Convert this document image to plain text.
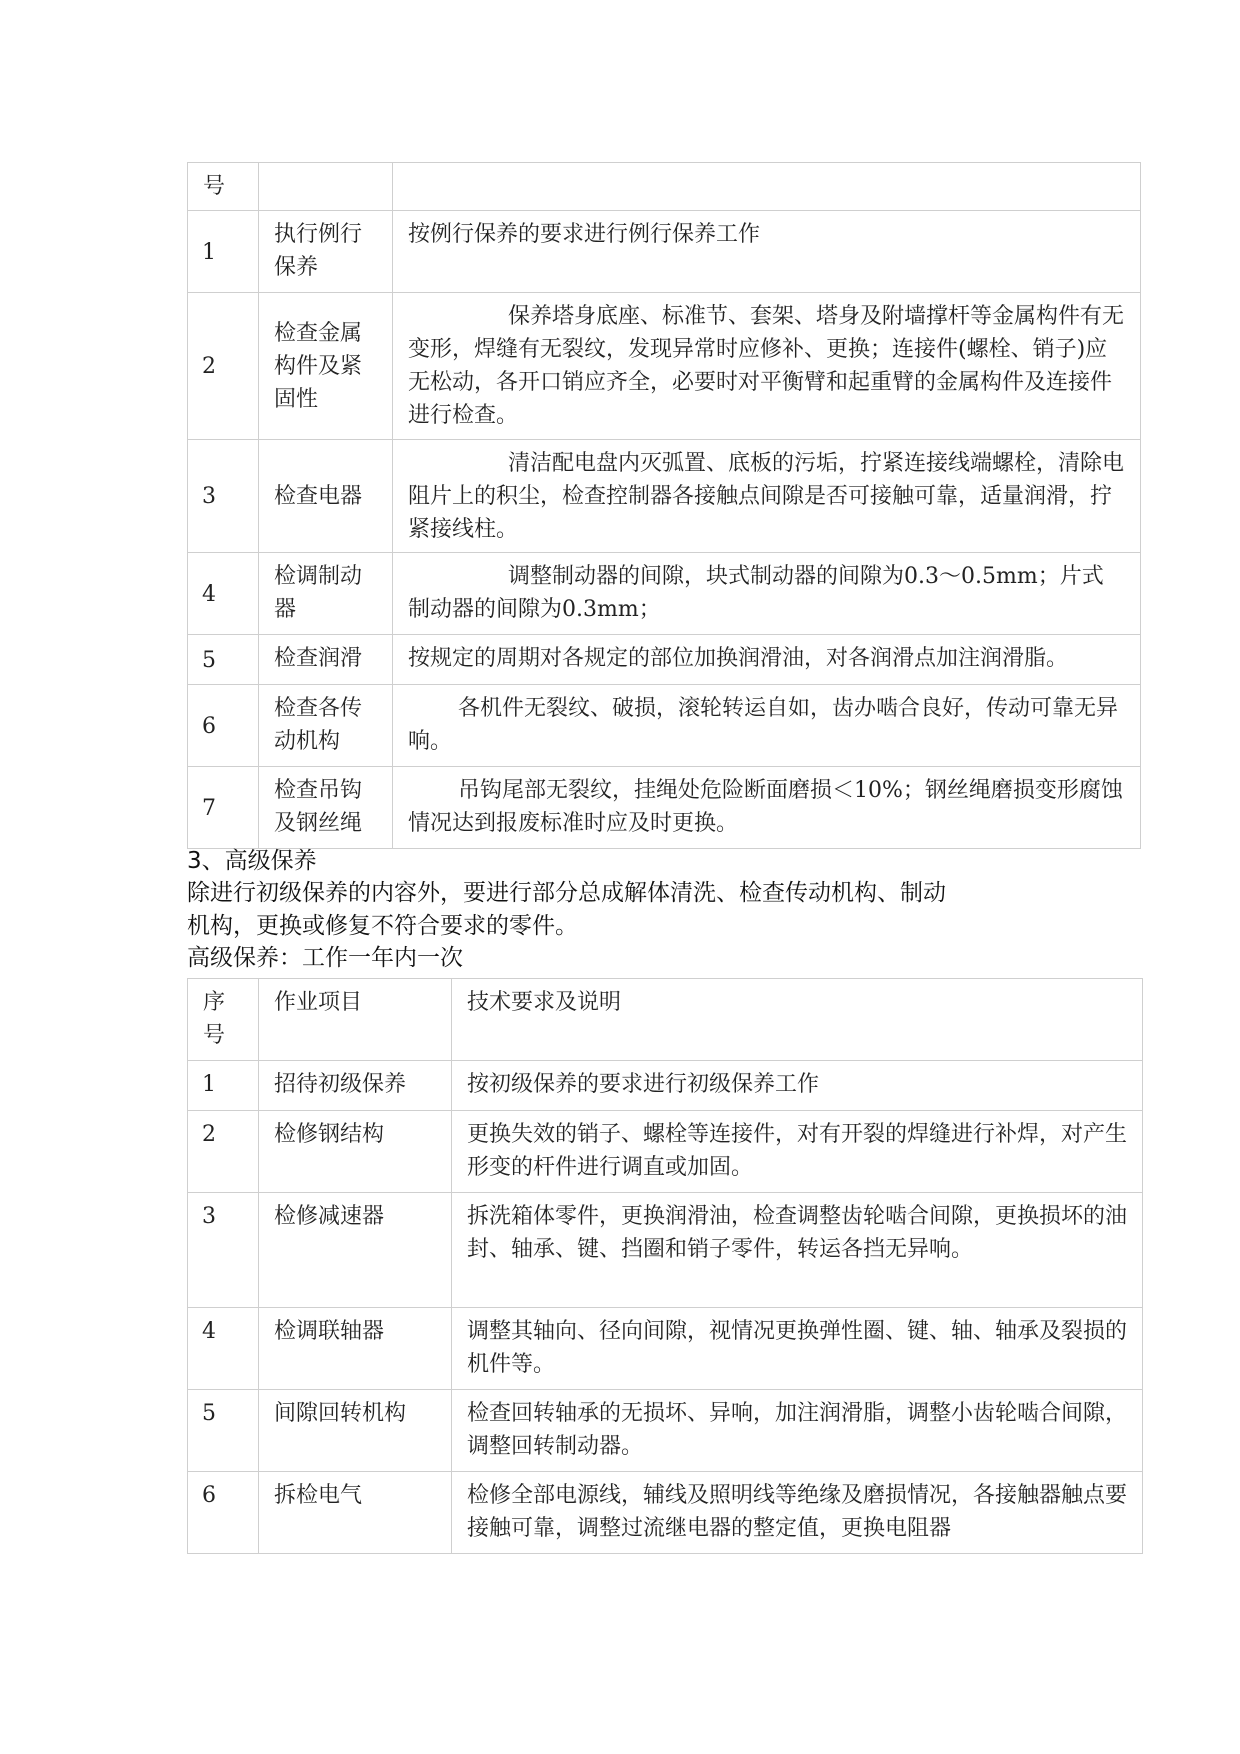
号		
1	执行例行保养	按例行保养的要求进行例行保养工作
2	检查金属构件及紧固性	保养塔身底座、标准节、套架、塔身及附墙撑杆等金属构件有无变形，焊缝有无裂纹，发现异常时应修补、更换；连接件(螺栓、销子)应无松动，各开口销应齐全，必要时对平衡臂和起重臂的金属构件及连接件进行检查。
3	检查电器	清洁配电盘内灭弧置、底板的污垢，拧紧连接线端螺栓，清除电阻片上的积尘，检查控制器各接触点间隙是否可接触可靠，适量润滑，拧紧接线柱。
4	检调制动器	调整制动器的间隙，块式制动器的间隙为0.3～0.5mm；片式制动器的间隙为0.3mm；
5	检查润滑	按规定的周期对各规定的部位加换润滑油，对各润滑点加注润滑脂。
6	检查各传动机构	各机件无裂纹、破损，滚轮转运自如，齿办啮合良好，传动可靠无异响。
7	检查吊钩及钢丝绳	吊钩尾部无裂纹，挂绳处危险断面磨损＜10%；钢丝绳磨损变形腐蚀情况达到报废标准时应及时更换。
3、高级保养
除进行初级保养的内容外，要进行部分总成解体清洗、检查传动机构、制动
机构，更换或修复不符合要求的零件。
高级保养：工作一年内一次
序号	作业项目	技术要求及说明
1	招待初级保养	按初级保养的要求进行初级保养工作
2	检修钢结构	更换失效的销子、螺栓等连接件，对有开裂的焊缝进行补焊，对产生形变的杆件进行调直或加固。
3	检修减速器	拆洗箱体零件，更换润滑油，检查调整齿轮啮合间隙，更换损坏的油封、轴承、键、挡圈和销子零件，转运各挡无异响。
4	检调联轴器	调整其轴向、径向间隙，视情况更换弹性圈、键、轴、轴承及裂损的机件等。
5	间隙回转机构	检查回转轴承的无损坏、异响，加注润滑脂，调整小齿轮啮合间隙，调整回转制动器。
6	拆检电气	检修全部电源线，辅线及照明线等绝缘及磨损情况，各接触器触点要接触可靠，调整过流继电器的整定值，更换电阻器
